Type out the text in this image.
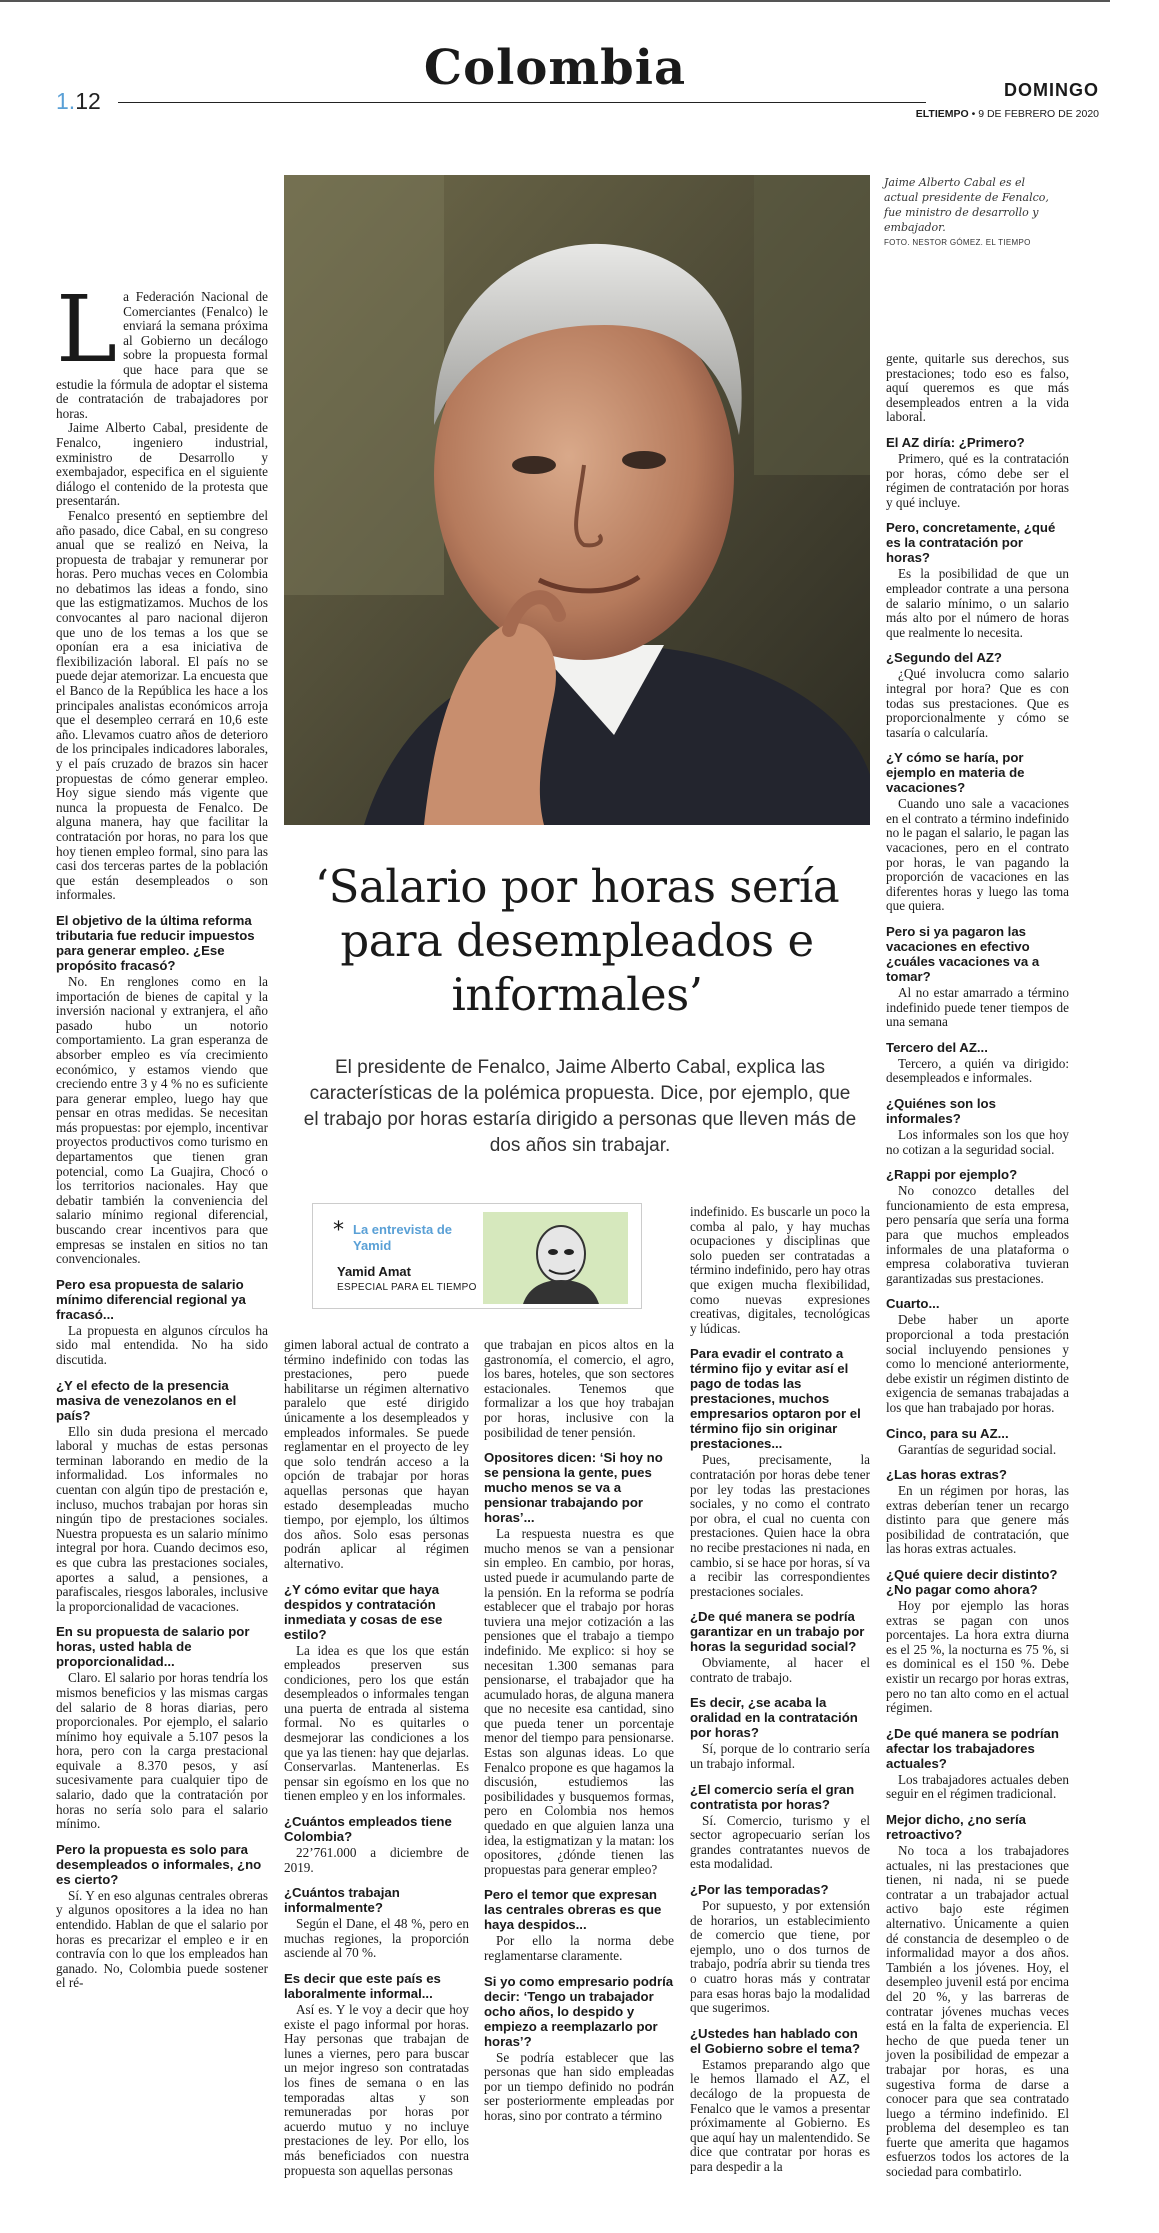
Colombia
1.12	DOMINGO
ELTIEMPO • 9 DE FEBRERO DE 2020
Jaime Alberto Cabal es el actual presidente de Fenalco, fue ministro de desarrollo y embajador.
FOTO. NESTOR GÓMEZ. EL TIEMPO
‘Salario por horas sería para desempleados e informales’
El presidente de Fenalco, Jaime Alberto Cabal, explica las características de la polémica propuesta. Dice, por ejemplo, que el trabajo por horas estaría dirigido a personas que lleven más de dos años sin trabajar.
* La entrevista de Yamid
Yamid Amat
ESPECIAL PARA EL TIEMPO

La Federación Nacional de Comerciantes (Fenalco) le enviará la semana próxima al Gobierno un decálogo sobre la propuesta formal que hace para que se estudie la fórmula de adoptar el sistema de contratación de trabajadores por horas.

Jaime Alberto Cabal, presidente de Fenalco, ingeniero industrial, exministro de Desarrollo y exembajador, especifica en el siguiente diálogo el contenido de la protesta que presentarán.

Fenalco presentó en septiembre del año pasado, dice Cabal, en su congreso anual que se realizó en Neiva, la propuesta de trabajar y remunerar por horas. Pero muchas veces en Colombia no debatimos las ideas a fondo, sino que las estigmatizamos. Muchos de los convocantes al paro nacional dijeron que uno de los temas a los que se oponían era a esa iniciativa de flexibilización laboral. El país no se puede dejar atemorizar. La encuesta que el Banco de la República les hace a los principales analistas económicos arroja que el desempleo cerrará en 10,6 este año. Llevamos cuatro años de deterioro de los principales indicadores laborales, y el país cruzado de brazos sin hacer propuestas de cómo generar empleo. Hoy sigue siendo más vigente que nunca la propuesta de Fenalco. De alguna manera, hay que facilitar la contratación por horas, no para los que hoy tienen empleo formal, sino para las casi dos terceras partes de la población que están desempleados o son informales.

El objetivo de la última reforma tributaria fue reducir impuestos para generar empleo. ¿Ese propósito fracasó?

No. En renglones como en la importación de bienes de capital y la inversión nacional y extranjera, el año pasado hubo un notorio comportamiento. La gran esperanza de absorber empleo es vía crecimiento económico, y estamos viendo que creciendo entre 3 y 4 % no es suficiente para generar empleo, luego hay que pensar en otras medidas. Se necesitan más propuestas: por ejemplo, incentivar proyectos productivos como turismo en departamentos que tienen gran potencial, como La Guajira, Chocó o los territorios nacionales. Hay que debatir también la conveniencia del salario mínimo regional diferencial, buscando crear incentivos para que empresas se instalen en sitios no tan convencionales.

Pero esa propuesta de salario mínimo diferencial regional ya fracasó...

La propuesta en algunos círculos ha sido mal entendida. No ha sido discutida.

¿Y el efecto de la presencia masiva de venezolanos en el país?

Ello sin duda presiona el mercado laboral y muchas de estas personas terminan laborando en medio de la informalidad. Los informales no cuentan con algún tipo de prestación e, incluso, muchos trabajan por horas sin ningún tipo de prestaciones sociales. Nuestra propuesta es un salario mínimo integral por hora. Cuando decimos eso, es que cubra las prestaciones sociales, aportes a salud, a pensiones, a parafiscales, riesgos laborales, inclusive la proporcionalidad de vacaciones.

En su propuesta de salario por horas, usted habla de proporcionalidad...

Claro. El salario por horas tendría los mismos beneficios y las mismas cargas del salario de 8 horas diarias, pero proporcionales. Por ejemplo, el salario mínimo hoy equivale a 5.107 pesos la hora, pero con la carga prestacional equivale a 8.370 pesos, y así sucesivamente para cualquier tipo de salario, dado que la contratación por horas no sería solo para el salario mínimo.

Pero la propuesta es solo para desempleados o informales, ¿no es cierto?

Sí. Y en eso algunas centrales obreras y algunos opositores a la idea no han entendido. Hablan de que el salario por horas es precarizar el empleo e ir en contravía con lo que los empleados han ganado. No, Colombia puede sostener el ré-

gimen laboral actual de contrato a término indefinido con todas las prestaciones, pero puede habilitarse un régimen alternativo paralelo que esté dirigido únicamente a los desempleados y empleados informales. Se puede reglamentar en el proyecto de ley que solo tendrán acceso a la opción de trabajar por horas aquellas personas que hayan estado desempleadas mucho tiempo, por ejemplo, los últimos dos años. Solo esas personas podrán aplicar al régimen alternativo.

¿Y cómo evitar que haya despidos y contratación inmediata y cosas de ese estilo?

La idea es que los que están empleados preserven sus condiciones, pero los que están desempleados o informales tengan una puerta de entrada al sistema formal. No es quitarles o desmejorar las condiciones a los que ya las tienen: hay que dejarlas. Conservarlas. Mantenerlas. Es pensar sin egoísmo en los que no tienen empleo y en los informales.

¿Cuántos empleados tiene Colombia?

22’761.000 a diciembre de 2019.

¿Cuántos trabajan informalmente?

Según el Dane, el 48 %, pero en muchas regiones, la proporción asciende al 70 %.

Es decir que este país es laboralmente informal...

Así es. Y le voy a decir que hoy existe el pago informal por horas. Hay personas que trabajan de lunes a viernes, pero para buscar un mejor ingreso son contratadas los fines de semana o en las temporadas altas y son remuneradas por horas por acuerdo mutuo y no incluye prestaciones de ley. Por ello, los más beneficiados con nuestra propuesta son aquellas personas

que trabajan en picos altos en la gastronomía, el comercio, el agro, los bares, hoteles, que son sectores estacionales. Tenemos que formalizar a los que hoy trabajan por horas, inclusive con la posibilidad de tener pensión.

Opositores dicen: ‘Si hoy no se pensiona la gente, pues mucho menos se va a pensionar trabajando por horas’...

La respuesta nuestra es que mucho menos se van a pensionar sin empleo. En cambio, por horas, usted puede ir acumulando parte de la pensión. En la reforma se podría establecer que el trabajo por horas tuviera una mejor cotización a las pensiones que el trabajo a tiempo indefinido. Me explico: si hoy se necesitan 1.300 semanas para pensionarse, el trabajador que ha acumulado horas, de alguna manera que no necesite esa cantidad, sino que pueda tener un porcentaje menor del tiempo para pensionarse. Estas son algunas ideas. Lo que Fenalco propone es que hagamos la discusión, estudiemos las posibilidades y busquemos formas, pero en Colombia nos hemos quedado en que alguien lanza una idea, la estigmatizan y la matan: los opositores, ¿dónde tienen las propuestas para generar empleo?

Pero el temor que expresan las centrales obreras es que haya despidos...

Por ello la norma debe reglamentarse claramente.

Si yo como empresario podría decir: ‘Tengo un trabajador ocho años, lo despido y empiezo a reemplazarlo por horas’?

Se podría establecer que las personas que han sido empleadas por un tiempo definido no podrán ser posteriormente empleadas por horas, sino por contrato a término

indefinido. Es buscarle un poco la comba al palo, y hay muchas ocupaciones y disciplinas que solo pueden ser contratadas a término indefinido, pero hay otras que exigen mucha flexibilidad, como nuevas expresiones creativas, digitales, tecnológicas y lúdicas.

Para evadir el contrato a término fijo y evitar así el pago de todas las prestaciones, muchos empresarios optaron por el término fijo sin originar prestaciones...

Pues, precisamente, la contratación por horas debe tener por ley todas las prestaciones sociales, y no como el contrato por obra, el cual no cuenta con prestaciones. Quien hace la obra no recibe prestaciones ni nada, en cambio, si se hace por horas, sí va a recibir las correspondientes prestaciones sociales.

¿De qué manera se podría garantizar en un trabajo por horas la seguridad social?

Obviamente, al hacer el contrato de trabajo.

Es decir, ¿se acaba la oralidad en la contratación por horas?

Sí, porque de lo contrario sería un trabajo informal.

¿El comercio sería el gran contratista por horas?

Sí. Comercio, turismo y el sector agropecuario serían los grandes contratantes nuevos de esta modalidad.

¿Por las temporadas?

Por supuesto, y por extensión de horarios, un establecimiento de comercio que tiene, por ejemplo, uno o dos turnos de trabajo, podría abrir su tienda tres o cuatro horas más y contratar para esas horas bajo la modalidad que sugerimos.

¿Ustedes han hablado con el Gobierno sobre el tema?

Estamos preparando algo que le hemos llamado el AZ, el decálogo de la propuesta de Fenalco que le vamos a presentar próximamente al Gobierno. Es que aquí hay un malentendido. Se dice que contratar por horas es para despedir a la

gente, quitarle sus derechos, sus prestaciones; todo eso es falso, aquí queremos es que más desempleados entren a la vida laboral.

El AZ diría: ¿Primero?

Primero, qué es la contratación por horas, cómo debe ser el régimen de contratación por horas y qué incluye.

Pero, concretamente, ¿qué es la contratación por horas?

Es la posibilidad de que un empleador contrate a una persona de salario mínimo, o un salario más alto por el número de horas que realmente lo necesita.

¿Segundo del AZ?

¿Qué involucra como salario integral por hora? Que es con todas sus prestaciones. Que es proporcionalmente y cómo se tasaría o calcularía.

¿Y cómo se haría, por ejemplo en materia de vacaciones?

Cuando uno sale a vacaciones en el contrato a término indefinido no le pagan el salario, le pagan las vacaciones, pero en el contrato por horas, le van pagando la proporción de vacaciones en las diferentes horas y luego las toma que quiera.

Pero si ya pagaron las vacaciones en efectivo ¿cuáles vacaciones va a tomar?

Al no estar amarrado a término indefinido puede tener tiempos de una semana

Tercero del AZ...

Tercero, a quién va dirigido: desempleados e informales.

¿Quiénes son los informales?

Los informales son los que hoy no cotizan a la seguridad social.

¿Rappi por ejemplo?

No conozco detalles del funcionamiento de esta empresa, pero pensaría que sería una forma para que muchos empleados informales de una plataforma o empresa colaborativa tuvieran garantizadas sus prestaciones.

Cuarto...

Debe haber un aporte proporcional a toda prestación social incluyendo pensiones y como lo mencioné anteriormente, debe existir un régimen distinto de exigencia de semanas trabajadas a los que han trabajado por horas.

Cinco, para su AZ...

Garantías de seguridad social.

¿Las horas extras?

En un régimen por horas, las extras deberían tener un recargo distinto para que genere más posibilidad de contratación, que las horas extras actuales.

¿Qué quiere decir distinto? ¿No pagar como ahora?

Hoy por ejemplo las horas extras se pagan con unos porcentajes. La hora extra diurna es el 25 %, la nocturna es 75 %, si es dominical es el 150 %. Debe existir un recargo por horas extras, pero no tan alto como en el actual régimen.

¿De qué manera se podrían afectar los trabajadores actuales?

Los trabajadores actuales deben seguir en el régimen tradicional.

Mejor dicho, ¿no sería retroactivo?

No toca a los trabajadores actuales, ni las prestaciones que tienen, ni nada, ni se puede contratar a un trabajador actual activo bajo este régimen alternativo. Únicamente a quien dé constancia de desempleo o de informalidad mayor a dos años. También a los jóvenes. Hoy, el desempleo juvenil está por encima del 20 %, y las barreras de contratar jóvenes muchas veces está en la falta de experiencia. El hecho de que pueda tener un joven la posibilidad de empezar a trabajar por horas, es una sugestiva forma de darse a conocer para que sea contratado luego a término indefinido. El problema del desempleo es tan fuerte que amerita que hagamos esfuerzos todos los actores de la sociedad para combatirlo.
